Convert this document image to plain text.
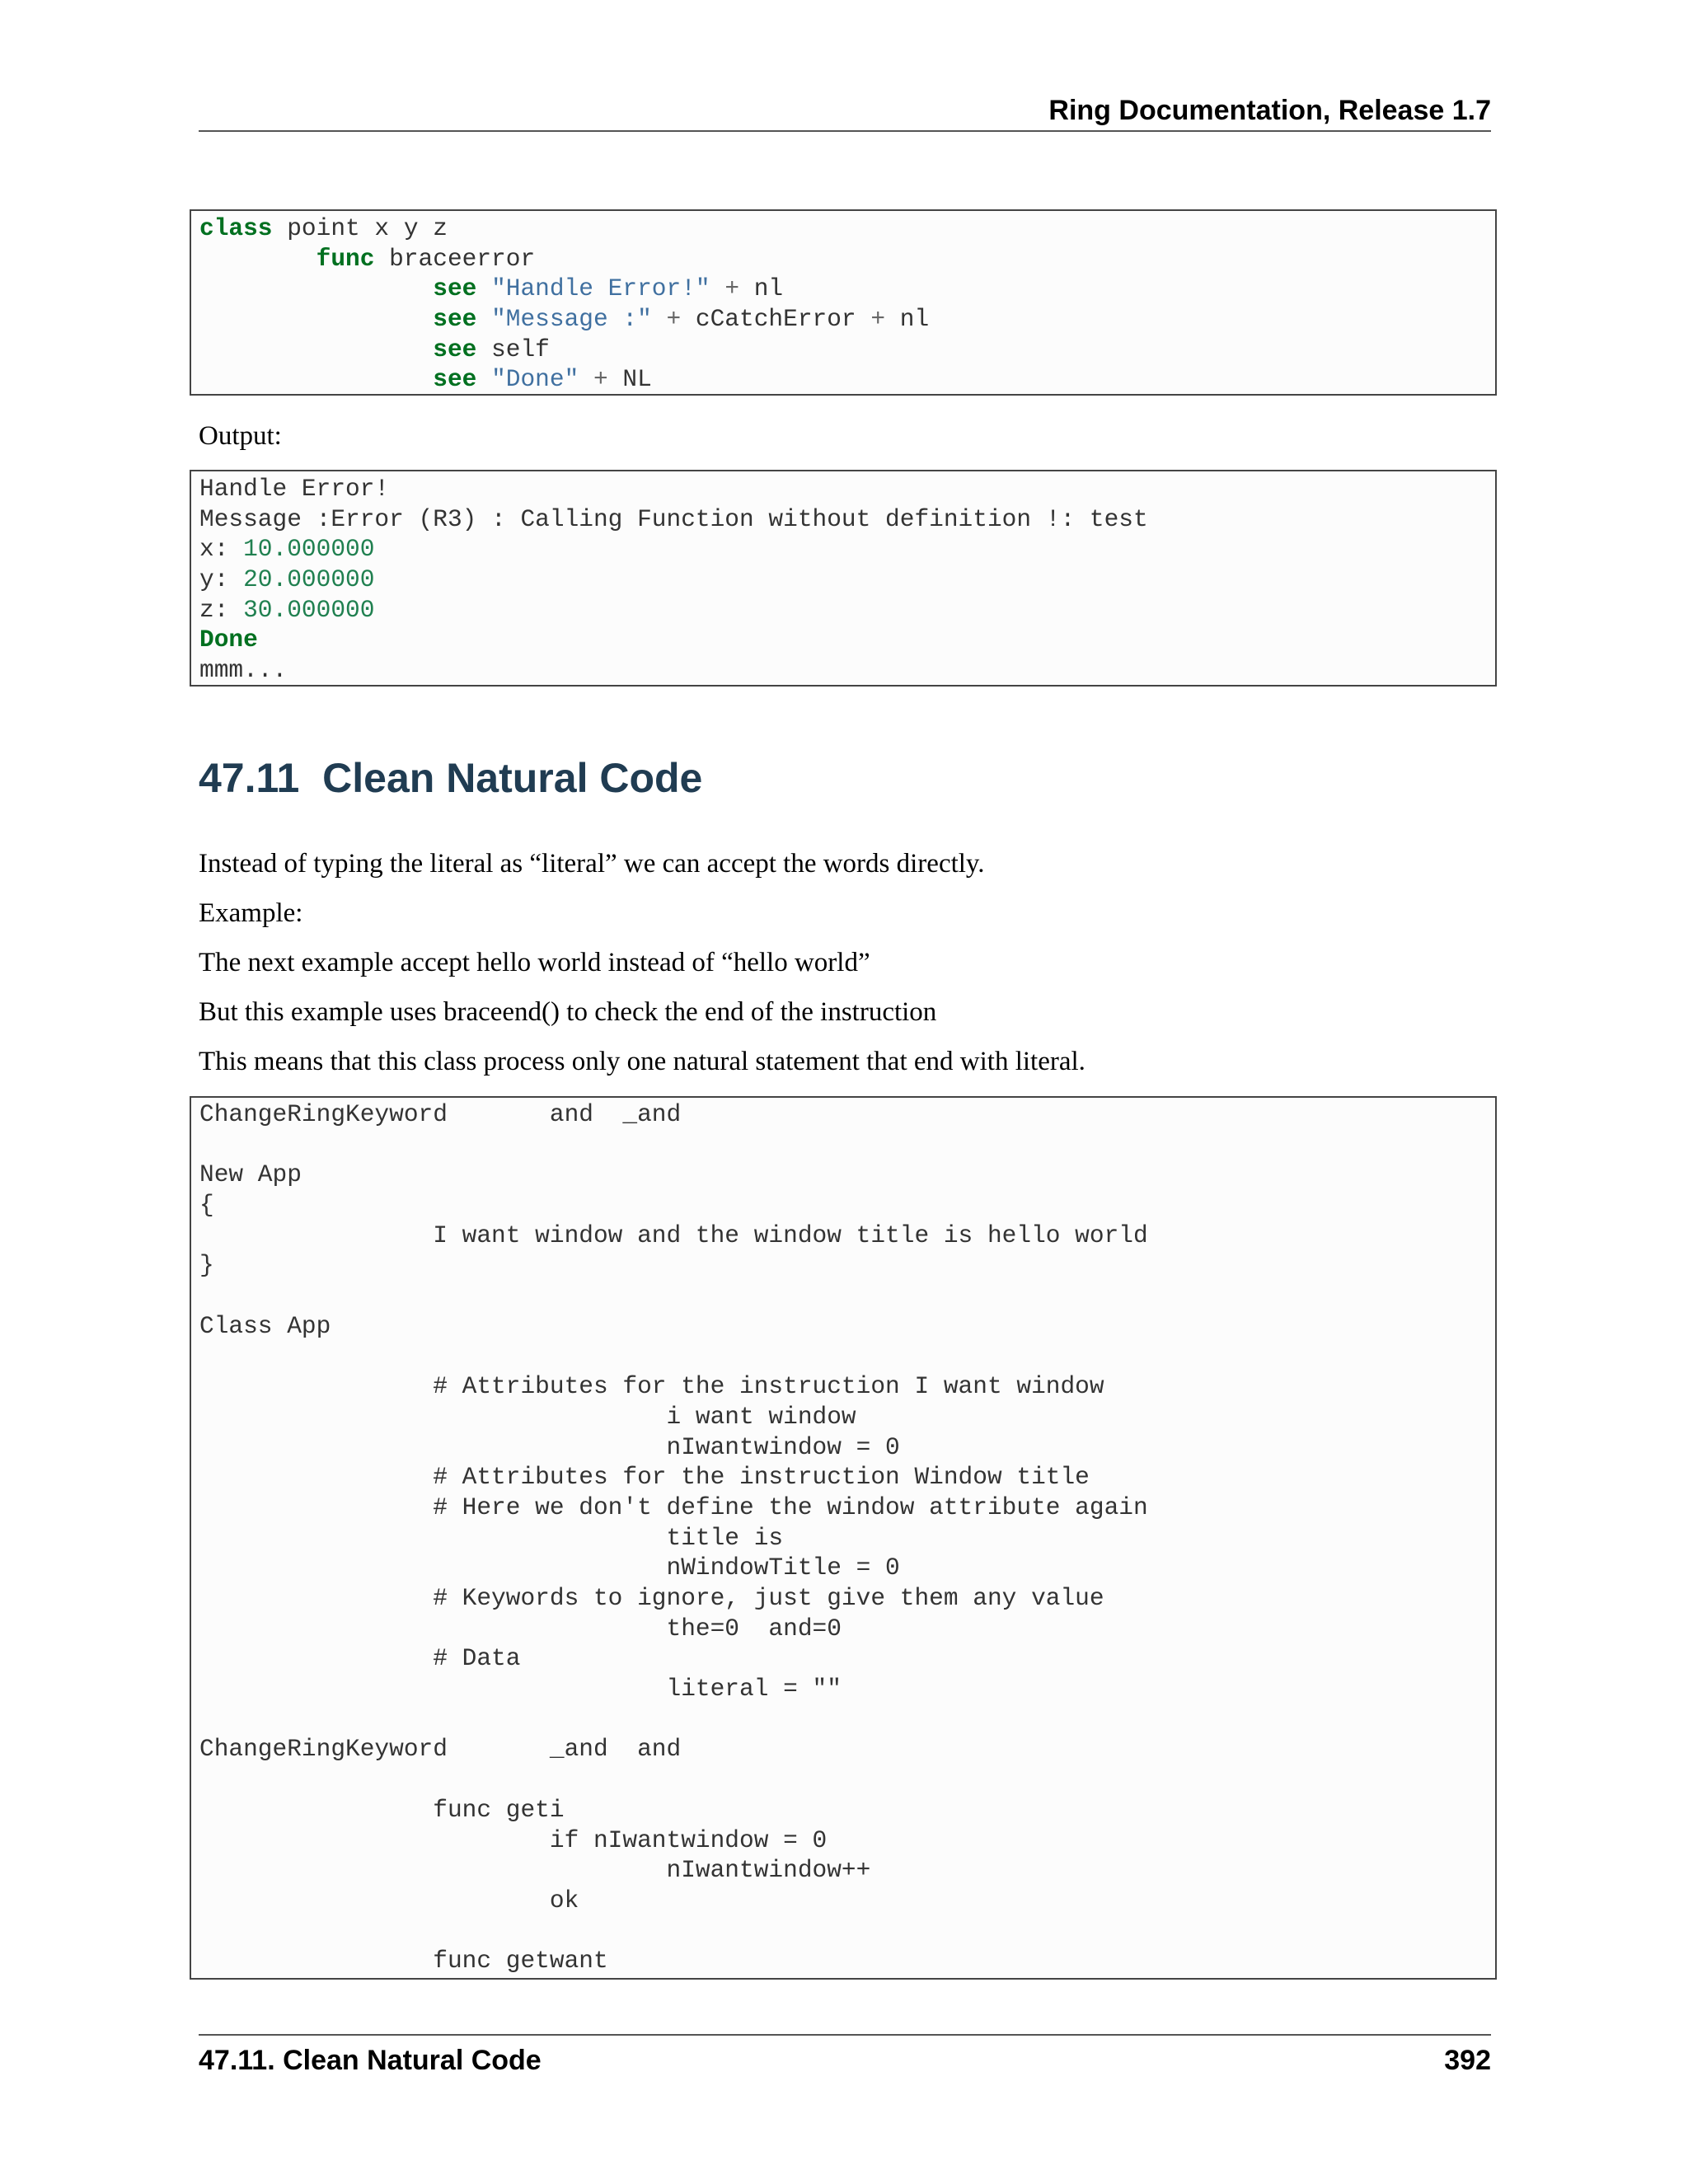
Ring Documentation, Release 1.7
class point x y z
func braceerror
see "Handle Error!" + nl
see "Message :" + cCatchError + nl
see self
see "Done" + NL
Output:
Handle Error!
Message :Error (R3) : Calling Function without definition !: test
x: 10.000000
y: 20.000000
z: 30.000000
Done
mmm...
47.11  Clean Natural Code
Instead of typing the literal as “literal” we can accept the words directly.
Example:
The next example accept hello world instead of “hello world”
But this example uses braceend() to check the end of the instruction
This means that this class process only one natural statement that end with literal.
ChangeRingKeyword       and  _and
New App
{
I want window and the window title is hello world
}
Class App
# Attributes for the instruction I want window
i want window
nIwantwindow = 0
# Attributes for the instruction Window title
# Here we don't define the window attribute again
title is
nWindowTitle = 0
# Keywords to ignore, just give them any value
the=0  and=0
# Data
literal = ""
ChangeRingKeyword       _and  and
func geti
if nIwantwindow = 0
nIwantwindow++
ok
func getwant
47.11. Clean Natural Code	392
